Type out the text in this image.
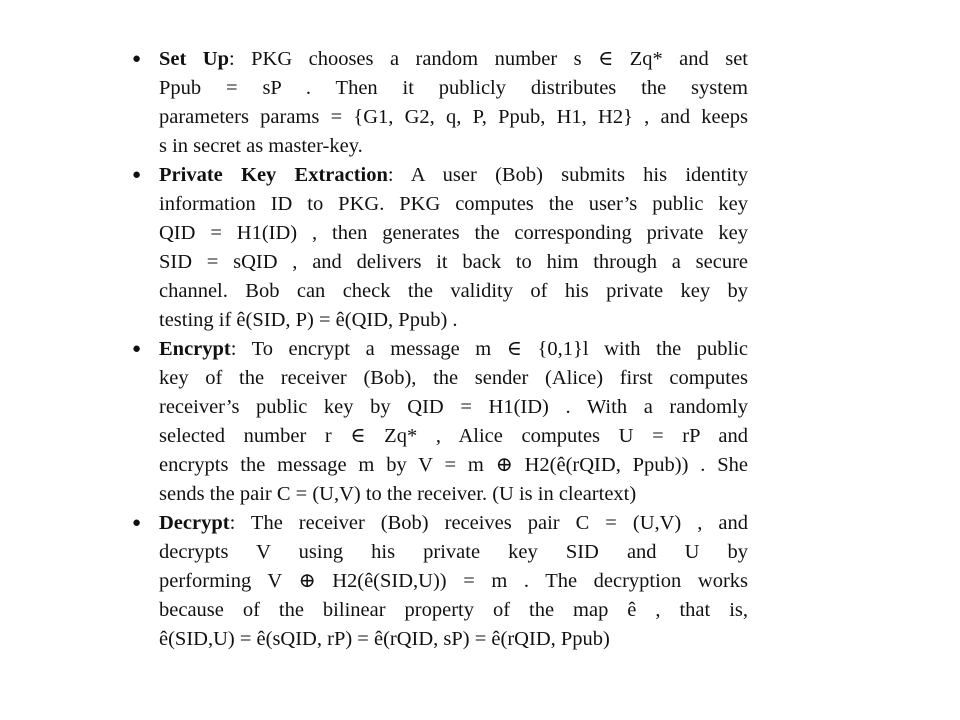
● Set Up: PKG chooses a random number s ∈ Zq* and set
Ppub = sP . Then it publicly distributes the system
parameters params = {G1, G2, q, P, Ppub, H1, H2} , and keeps
s in secret as master-key.
● Private Key Extraction: A user (Bob) submits his identity
information ID to PKG. PKG computes the user’s public key
QID = H1(ID) , then generates the corresponding private key
SID = sQID , and delivers it back to him through a secure
channel. Bob can check the validity of his private key by
testing if ê(SID, P) = ê(QID, Ppub) .
● Encrypt: To encrypt a message m ∈ {0,1}l with the public
key of the receiver (Bob), the sender (Alice) first computes
receiver’s public key by QID = H1(ID) . With a randomly
selected number r ∈ Zq* , Alice computes U = rP and
encrypts the message m by V = m ⊕ H2(ê(rQID, Ppub)) . She
sends the pair C = (U,V) to the receiver. (U is in cleartext)
● Decrypt: The receiver (Bob) receives pair C = (U,V) , and
decrypts V using his private key SID and U by
performing V ⊕ H2(ê(SID,U)) = m . The decryption works
because of the bilinear property of the map ê , that is,
ê(SID,U) = ê(sQID, rP) = ê(rQID, sP) = ê(rQID, Ppub)
